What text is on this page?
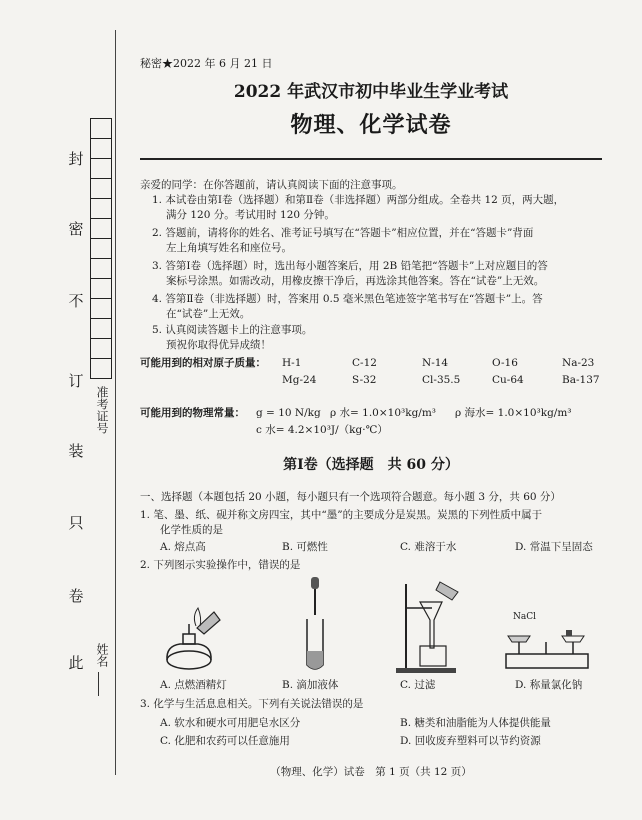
封
密
不
订
装
只
卷
此
准考证号
姓名
秘密★2022 年 6 月 21 日
2022 年武汉市初中毕业生学业考试
物理、化学试卷
亲爱的同学：在你答题前，请认真阅读下面的注意事项。
1. 本试卷由第Ⅰ卷（选择题）和第Ⅱ卷（非选择题）两部分组成。全卷共 12 页，两大题，
满分 120 分。考试用时 120 分钟。
2. 答题前，请将你的姓名、准考证号填写在“答题卡”相应位置，并在“答题卡”背面
左上角填写姓名和座位号。
3. 答第Ⅰ卷（选择题）时，选出每小题答案后，用 2B 铅笔把“答题卡”上对应题目的答
案标号涂黑。如需改动，用橡皮擦干净后，再选涂其他答案。答在“试卷”上无效。
4. 答第Ⅱ卷（非选择题）时，答案用 0.5 毫米黑色笔迹签字笔书写在“答题卡”上。答
在“试卷”上无效。
5. 认真阅读答题卡上的注意事项。
预祝你取得优异成绩！
可能用到的相对原子质量： H-1	C-12	N-14	O-16	Na-23
Mg-24	S-32	Cl-35.5	Cu-64	Ba-137
可能用到的物理常量： g = 10 N/kg ρ 水= 1.0×10³kg/m³ ρ 海水= 1.0×10³kg/m³
c 水= 4.2×10³J/（kg·℃）
第Ⅰ卷（选择题　共 60 分）
一、选择题（本题包括 20 小题，每小题只有一个选项符合题意。每小题 3 分，共 60 分）
1. 笔、墨、纸、砚并称文房四宝，其中“墨”的主要成分是炭黑。炭黑的下列性质中属于
化学性质的是
A. 熔点高	B. 可燃性	C. 难溶于水	D. 常温下呈固态
2. 下列图示实验操作中，错误的是
NaCl
A. 点燃酒精灯	B. 滴加液体	C. 过滤	D. 称量氯化钠
3. 化学与生活息息相关。下列有关说法错误的是
A. 软水和硬水可用肥皂水区分	B. 糖类和油脂能为人体提供能量
C. 化肥和农药可以任意施用	D. 回收废弃塑料可以节约资源
（物理、化学）试卷　第 1 页（共 12 页）
